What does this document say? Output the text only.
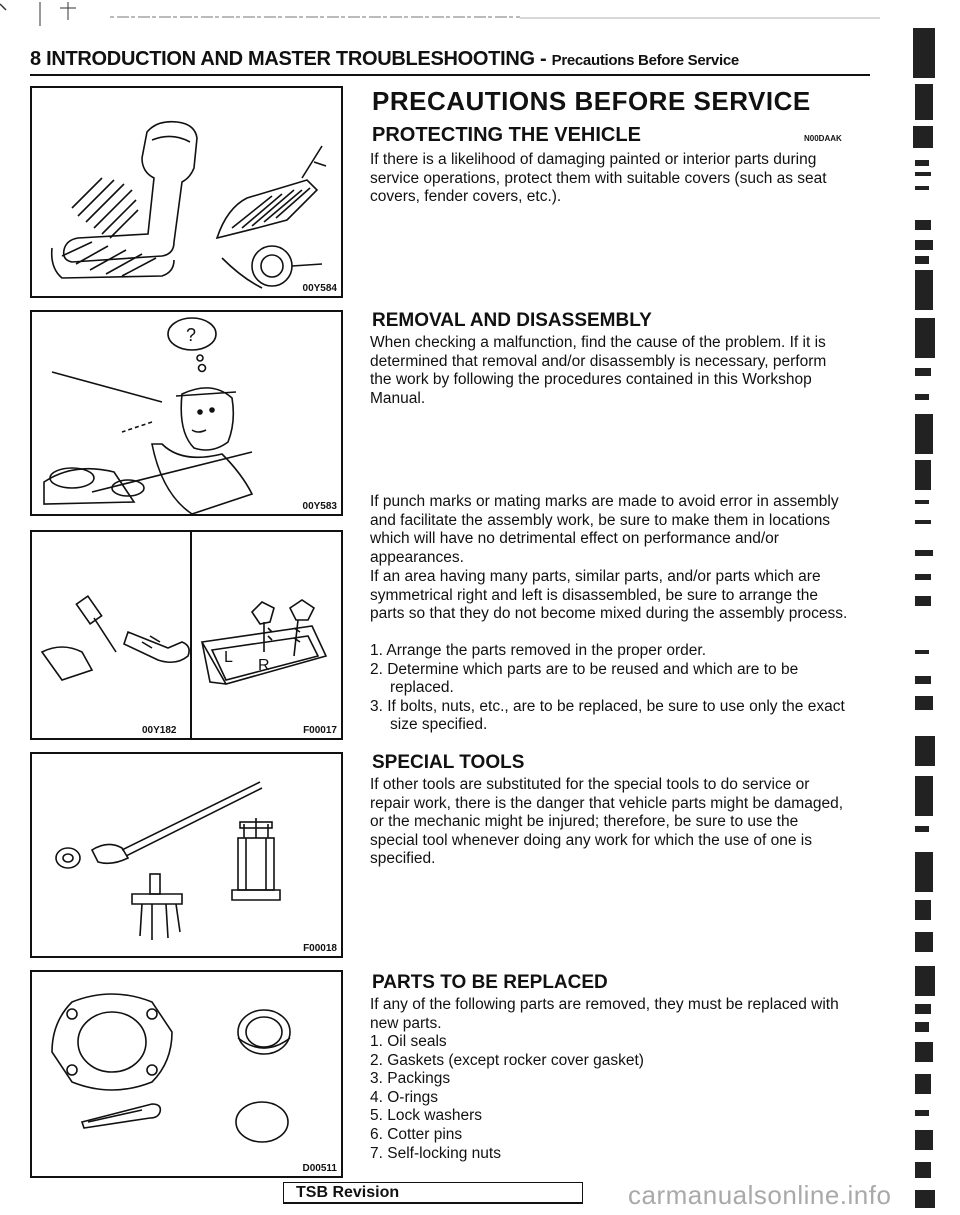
8 INTRODUCTION AND MASTER TROUBLESHOOTING - Precautions Before Service
00Y584
?
00Y583
L R
00Y182	F00017
F00018
D00511
PRECAUTIONS BEFORE SERVICE
PROTECTING THE VEHICLE	N00DAAK
If there is a likelihood of damaging painted or interior parts during service operations, protect them with suitable covers (such as seat covers, fender covers, etc.).
REMOVAL AND DISASSEMBLY
When checking a malfunction, find the cause of the problem. If it is determined that removal and/or disassembly is necessary, perform the work by following the procedures contained in this Workshop Manual.
If punch marks or mating marks are made to avoid error in assembly and facilitate the assembly work, be sure to make them in locations which will have no detrimental effect on performance and/or appearances.
If an area having many parts, similar parts, and/or parts which are symmetrical right and left is disassembled, be sure to arrange the parts so that they do not become mixed during the assembly process.
1. Arrange the parts removed in the proper order.
2. Determine which parts are to be reused and which are to be replaced.
3. If bolts, nuts, etc., are to be replaced, be sure to use only the exact size specified.
SPECIAL TOOLS
If other tools are substituted for the special tools to do service or repair work, there is the danger that vehicle parts might be damaged, or the mechanic might be injured; therefore, be sure to use the special tool whenever doing any work for which the use of one is specified.
PARTS TO BE REPLACED
If any of the following parts are removed, they must be replaced with new parts.
1. Oil seals
2. Gaskets (except rocker cover gasket)
3. Packings
4. O-rings
5. Lock washers
6. Cotter pins
7. Self-locking nuts
TSB Revision	carmanualsonline.info
